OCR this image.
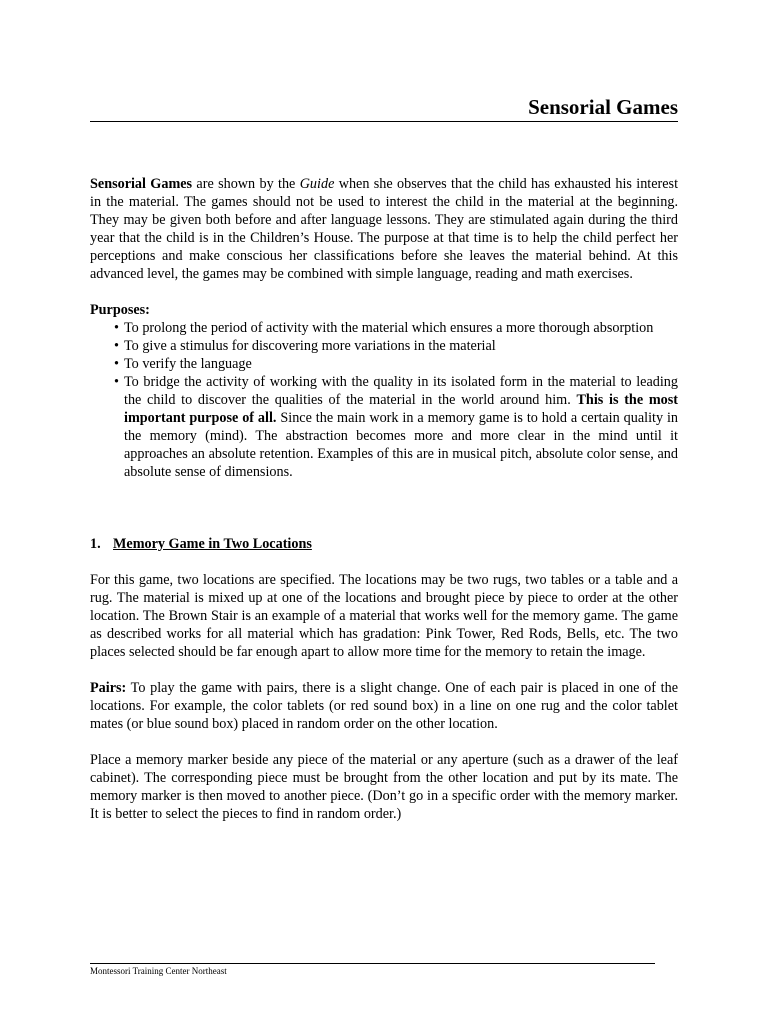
Sensorial Games

Sensorial Games are shown by the Guide when she observes that the child has exhausted his interest in the material. The games should not be used to interest the child in the material at the beginning. They may be given both before and after language lessons. They are stimulated again during the third year that the child is in the Children’s House. The purpose at that time is to help the child perfect her perceptions and make conscious her classifications before she leaves the material behind. At this advanced level, the games may be combined with simple language, reading and math exercises.

Purposes:

• To prolong the period of activity with the material which ensures a more thorough absorption
• To give a stimulus for discovering more variations in the material
• To verify the language
• To bridge the activity of working with the quality in its isolated form in the material to leading the child to discover the qualities of the material in the world around him. This is the most important purpose of all. Since the main work in a memory game is to hold a certain quality in the memory (mind). The abstraction becomes more and more clear in the mind until it approaches an absolute retention. Examples of this are in musical pitch, absolute color sense, and absolute sense of dimensions.

1. Memory Game in Two Locations

For this game, two locations are specified. The locations may be two rugs, two tables or a table and a rug. The material is mixed up at one of the locations and brought piece by piece to order at the other location. The Brown Stair is an example of a material that works well for the memory game. The game as described works for all material which has gradation: Pink Tower, Red Rods, Bells, etc. The two places selected should be far enough apart to allow more time for the memory to retain the image.

Pairs: To play the game with pairs, there is a slight change. One of each pair is placed in one of the locations. For example, the color tablets (or red sound box) in a line on one rug and the color tablet mates (or blue sound box) placed in random order on the other location.

Place a memory marker beside any piece of the material or any aperture (such as a drawer of the leaf cabinet). The corresponding piece must be brought from the other location and put by its mate. The memory marker is then moved to another piece. (Don’t go in a specific order with the memory marker. It is better to select the pieces to find in random order.)

Montessori Training Center Northeast
